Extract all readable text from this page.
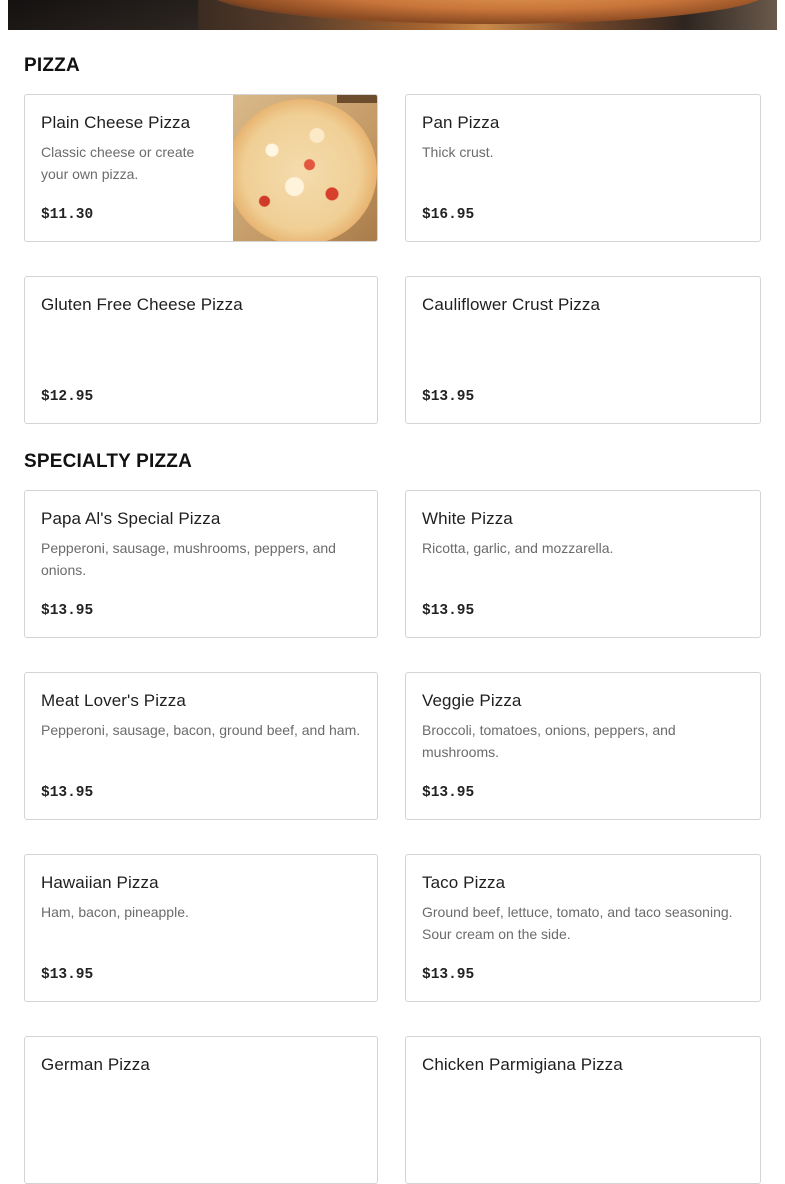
PIZZA
Plain Cheese Pizza
Classic cheese or create your own pizza.
$11.30
Pan Pizza
Thick crust.
$16.95
Gluten Free Cheese Pizza
$12.95
Cauliflower Crust Pizza
$13.95
SPECIALTY PIZZA
Papa Al's Special Pizza
Pepperoni, sausage, mushrooms, peppers, and onions.
$13.95
White Pizza
Ricotta, garlic, and mozzarella.
$13.95
Meat Lover's Pizza
Pepperoni, sausage, bacon, ground beef, and ham.
$13.95
Veggie Pizza
Broccoli, tomatoes, onions, peppers, and mushrooms.
$13.95
Hawaiian Pizza
Ham, bacon, pineapple.
$13.95
Taco Pizza
Ground beef, lettuce, tomato, and taco seasoning. Sour cream on the side.
$13.95
German Pizza	Chicken Parmigiana Pizza
